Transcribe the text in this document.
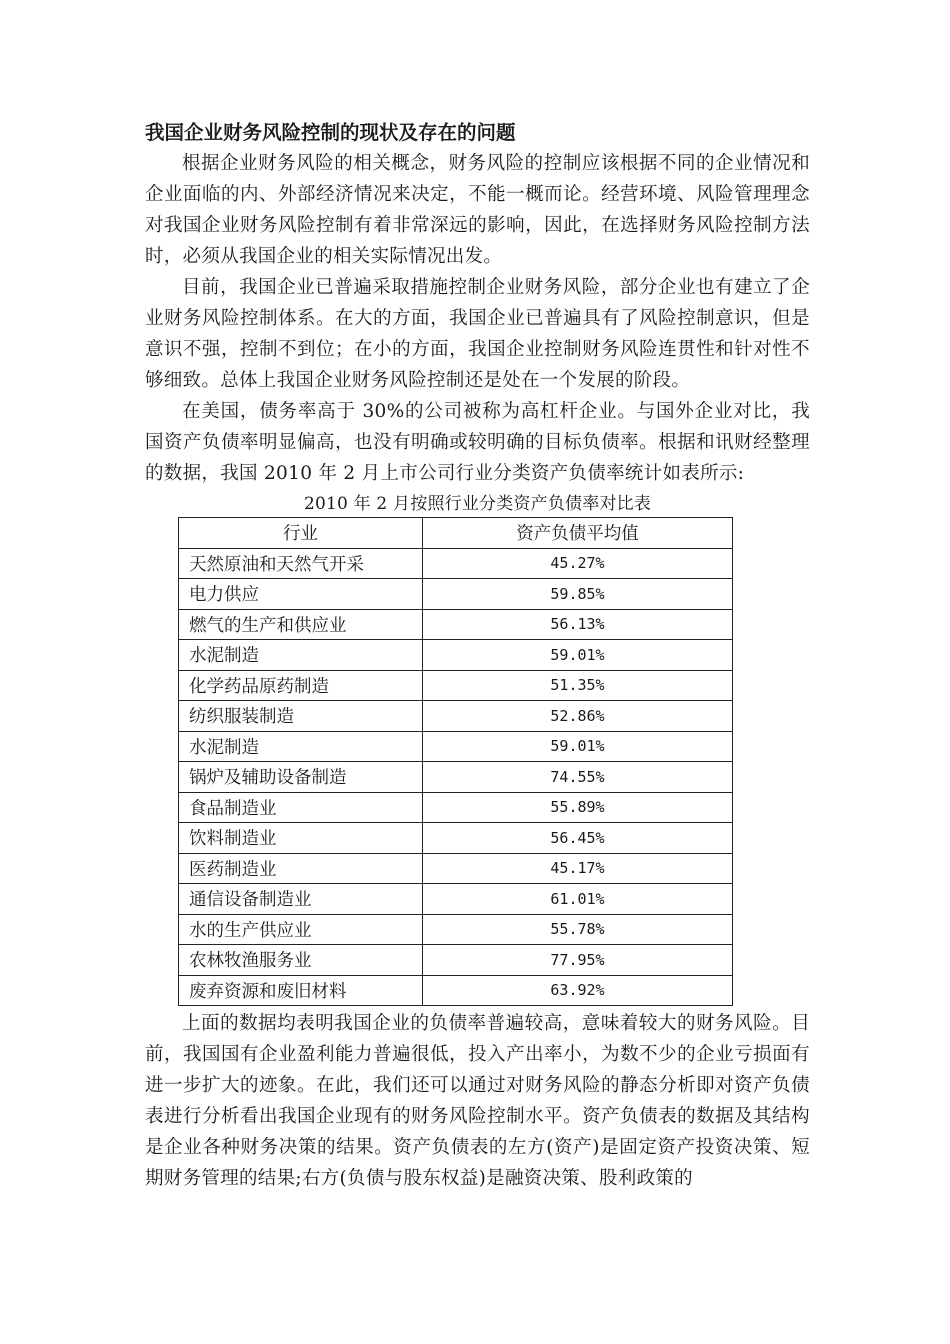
我国企业财务风险控制的现状及存在的问题

根据企业财务风险的相关概念，财务风险的控制应该根据不同的企业情况和企业面临的内、外部经济情况来决定，不能一概而论。经营环境、风险管理理念对我国企业财务风险控制有着非常深远的影响，因此，在选择财务风险控制方法时，必须从我国企业的相关实际情况出发。

目前，我国企业已普遍采取措施控制企业财务风险，部分企业也有建立了企业财务风险控制体系。在大的方面，我国企业已普遍具有了风险控制意识，但是意识不强，控制不到位；在小的方面，我国企业控制财务风险连贯性和针对性不够细致。总体上我国企业财务风险控制还是处在一个发展的阶段。

在美国，债务率高于 30%的公司被称为高杠杆企业。与国外企业对比，我国资产负债率明显偏高，也没有明确或较明确的目标负债率。根据和讯财经整理的数据，我国 2010 年 2 月上市公司行业分类资产负债率统计如表所示:

2010 年 2 月按照行业分类资产负债率对比表
行业	资产负债平均值
天然原油和天然气开采	45.27%
电力供应	59.85%
燃气的生产和供应业	56.13%
水泥制造	59.01%
化学药品原药制造	51.35%
纺织服装制造	52.86%
水泥制造	59.01%
锅炉及辅助设备制造	74.55%
食品制造业	55.89%
饮料制造业	56.45%
医药制造业	45.17%
通信设备制造业	61.01%
水的生产供应业	55.78%
农林牧渔服务业	77.95%
废弃资源和废旧材料	63.92%

上面的数据均表明我国企业的负债率普遍较高，意味着较大的财务风险。目前，我国国有企业盈利能力普遍很低，投入产出率小，为数不少的企业亏损面有进一步扩大的迹象。在此，我们还可以通过对财务风险的静态分析即对资产负债表进行分析看出我国企业现有的财务风险控制水平。资产负债表的数据及其结构是企业各种财务决策的结果。资产负债表的左方(资产)是固定资产投资决策、短期财务管理的结果;右方(负债与股东权益)是融资决策、股利政策的
